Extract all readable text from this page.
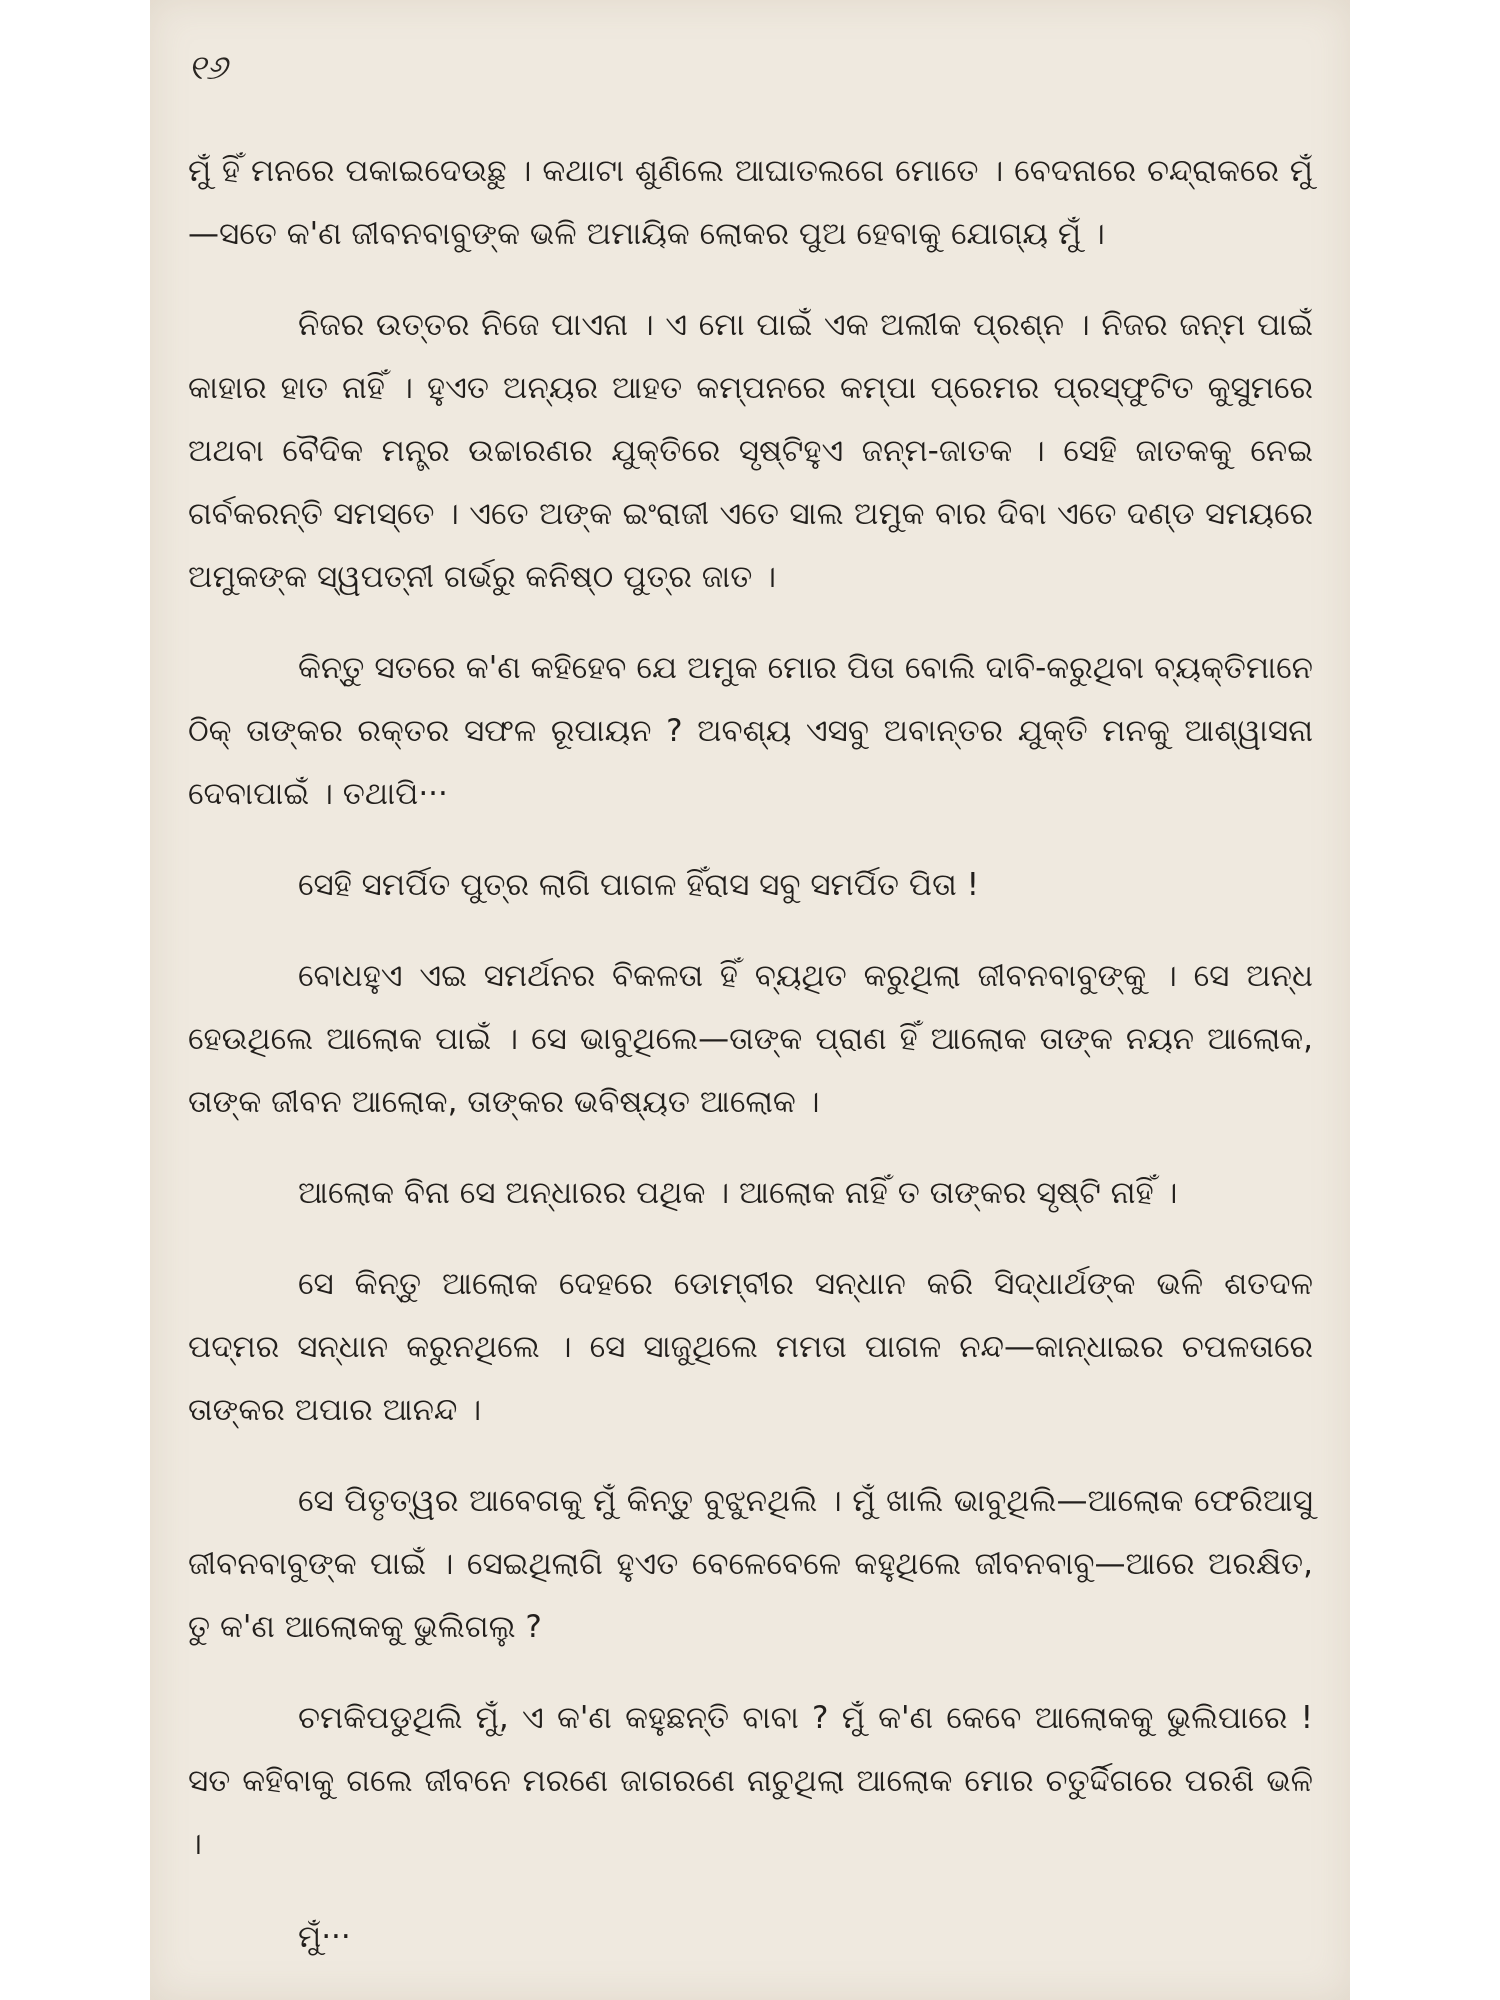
୧୬

ମୁଁ ହିଁ ମନରେ ପକାଇଦେଉଛୁ । କଥାଟା ଶୁଣିଲେ ଆଘାତଲଗେ ମୋତେ । ବେଦନାରେ ଚନ୍ଦ୍ରାକରେ ମୁଁ—ସତେ କ'ଣ ଜୀବନବାବୁଙ୍କ ଭଳି ଅମାୟିକ ଲୋକର ପୁଅ ହେବାକୁ ଯୋଗ୍ୟ ମୁଁ ।

ନିଜର ଉତ୍ତର ନିଜେ ପାଏନା । ଏ ମୋ ପାଇଁ ଏକ ଅଲୀକ ପ୍ରଶ୍ନ । ନିଜର ଜନ୍ମ ପାଇଁ କାହାର ହାତ ନାହିଁ । ହୁଏତ ଅନ୍ୟର ଆହତ କମ୍ପନରେ କମ୍ପା ପ୍ରେମର ପ୍ରସ୍ଫୁଟିତ କୁସୁମରେ ଅଥବା ବୈଦିକ ମନ୍ତ୍ର ଉଚ୍ଚାରଣର ଯୁକ୍ତିରେ ସୃଷ୍ଟିହୁଏ ଜନ୍ମ-ଜାତକ । ସେହି ଜାତକକୁ ନେଇ ଗର୍ବକରନ୍ତି ସମସ୍ତେ । ଏତେ ଅଙ୍କ ଇଂରାଜୀ ଏତେ ସାଲ ଅମୁକ ବାର ଦିବା ଏତେ ଦଣ୍ଡ ସମୟରେ ଅମୁକଙ୍କ ସ୍ୱପତ୍ନୀ ଗର୍ଭରୁ କନିଷ୍ଠ ପୁତ୍ର ଜାତ ।

କିନ୍ତୁ ସତରେ କ'ଣ କହିହେବ ଯେ ଅମୁକ ମୋର ପିତା ବୋଲି ଦାବି-କରୁଥିବା ବ୍ୟକ୍ତିମାନେ ଠିକ୍ ତାଙ୍କର ରକ୍ତର ସଫଳ ରୂପାୟନ ? ଅବଶ୍ୟ ଏସବୁ ଅବାନ୍ତର ଯୁକ୍ତି ମନକୁ ଆଶ୍ୱାସନା ଦେବାପାଇଁ । ତଥାପି···

ସେହି ସମର୍ପିତ ପୁତ୍ର ଲାଗି ପାଗଳ ହିଁରାସ ସବୁ ସମର୍ପିତ ପିତା !

ବୋଧହୁଏ ଏଇ ସମର୍ଥନର ବିକଳତା ହିଁ ବ୍ୟଥିତ କରୁଥିଲା ଜୀବନବାବୁଙ୍କୁ । ସେ ଅନ୍ଧ ହେଉଥିଲେ ଆଲୋକ ପାଇଁ । ସେ ଭାବୁଥିଲେ—ତାଙ୍କ ପ୍ରାଣ ହିଁ ଆଲୋକ ତାଙ୍କ ନୟନ ଆଲୋକ, ତାଙ୍କ ଜୀବନ ଆଲୋକ, ତାଙ୍କର ଭବିଷ୍ୟତ ଆଲୋକ ।

ଆଲୋକ ବିନା ସେ ଅନ୍ଧାରର ପଥିକ । ଆଲୋକ ନାହିଁ ତ ତାଙ୍କର ସୃଷ୍ଟି ନାହିଁ ।

ସେ କିନ୍ତୁ ଆଲୋକ ଦେହରେ ଡୋମ୍ବୀର ସନ୍ଧାନ କରି ସିଦ୍ଧାର୍ଥଙ୍କ ଭଳି ଶତଦଳ ପଦ୍ମର ସନ୍ଧାନ କରୁନଥିଲେ । ସେ ସାଜୁଥିଲେ ମମତା ପାଗଳ ନନ୍ଦ—କାନ୍ଧାଇର ଚପଳତାରେ ତାଙ୍କର ଅପାର ଆନନ୍ଦ ।

ସେ ପିତୃତ୍ୱର ଆବେଗକୁ ମୁଁ କିନ୍ତୁ ବୁଝୁନଥିଲି । ମୁଁ ଖାଲି ଭାବୁଥିଲି—ଆଲୋକ ଫେରିଆସୁ ଜୀବନବାବୁଙ୍କ ପାଇଁ । ସେଇଥିଲାଗି ହୁଏତ ବେଳେବେଳେ କହୁଥିଲେ ଜୀବନବାବୁ—ଆରେ ଅରକ୍ଷିତ, ତୁ କ'ଣ ଆଲୋକକୁ ଭୁଲିଗଲୁ ?

ଚମକିପଡୁଥିଲି ମୁଁ, ଏ କ'ଣ କହୁଛନ୍ତି ବାବା ? ମୁଁ କ'ଣ କେବେ ଆଲୋକକୁ ଭୁଲିପାରେ ! ସତ କହିବାକୁ ଗଲେ ଜୀବନେ ମରଣେ ଜାଗରଣେ ନାଚୁଥିଲା ଆଲୋକ ମୋର ଚତୁର୍ଦ୍ଦିଗରେ ପରଶି ଭଳି ।

ମୁଁ···
